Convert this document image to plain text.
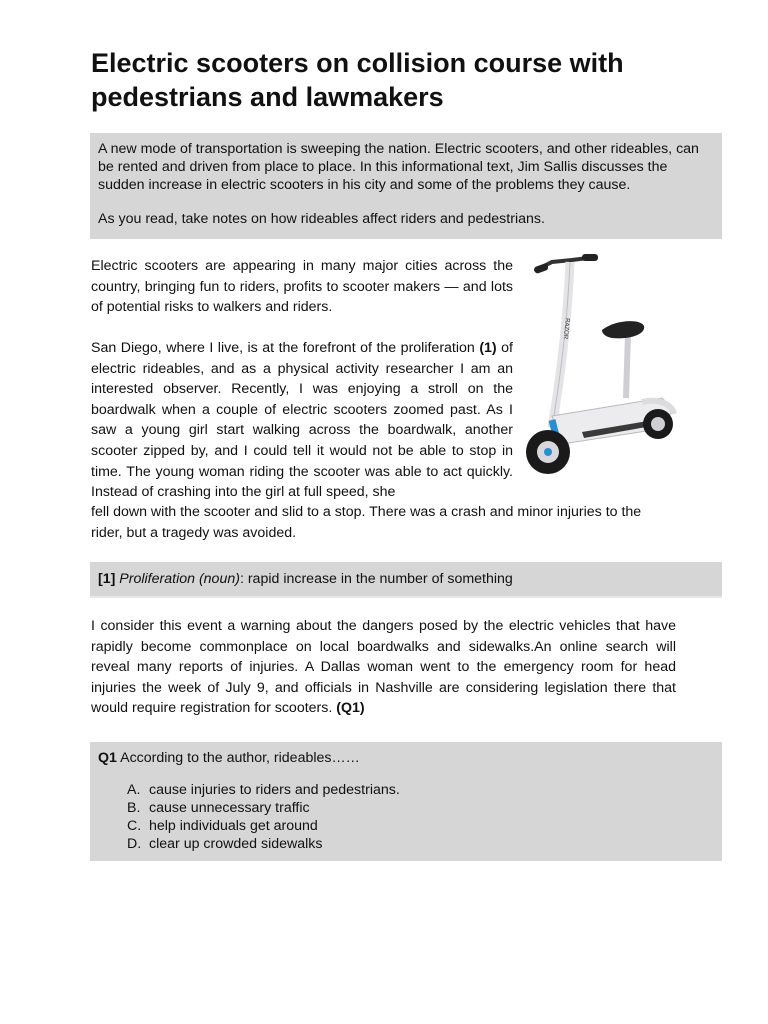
Electric scooters on collision course with pedestrians and lawmakers

A new mode of transportation is sweeping the nation. Electric scooters, and other rideables, can be rented and driven from place to place. In this informational text, Jim Sallis discusses the sudden increase in electric scooters in his city and some of the problems they cause.

As you read, take notes on how rideables affect riders and pedestrians.

Electric scooters are appearing in many major cities across the country, bringing fun to riders, profits to scooter makers — and lots of potential risks to walkers and riders.

San Diego, where I live, is at the forefront of the proliferation (1) of electric rideables, and as a physical activity researcher I am an interested observer. Recently, I was enjoying a stroll on the boardwalk when a couple of electric scooters zoomed past. As I saw a young girl start walking across the boardwalk, another scooter zipped by, and I could tell it would not be able to stop in time. The young woman riding the scooter was able to act quickly. Instead of crashing into the girl at full speed, she

fell down with the scooter and slid to a stop. There was a crash and minor injuries to the rider, but a tragedy was avoided.

RAZOR
[1] Proliferation (noun): rapid increase in the number of something

I consider this event a warning about the dangers posed by the electric vehicles that have rapidly become commonplace on local boardwalks and sidewalks.An online search will reveal many reports of injuries. A Dallas woman went to the emergency room for head injuries the week of July 9, and officials in Nashville are considering legislation there that would require registration for scooters. (Q1)

Q1 According to the author, rideables……
A. cause injuries to riders and pedestrians.
B. cause unnecessary traffic
C. help individuals get around
D. clear up crowded sidewalks
